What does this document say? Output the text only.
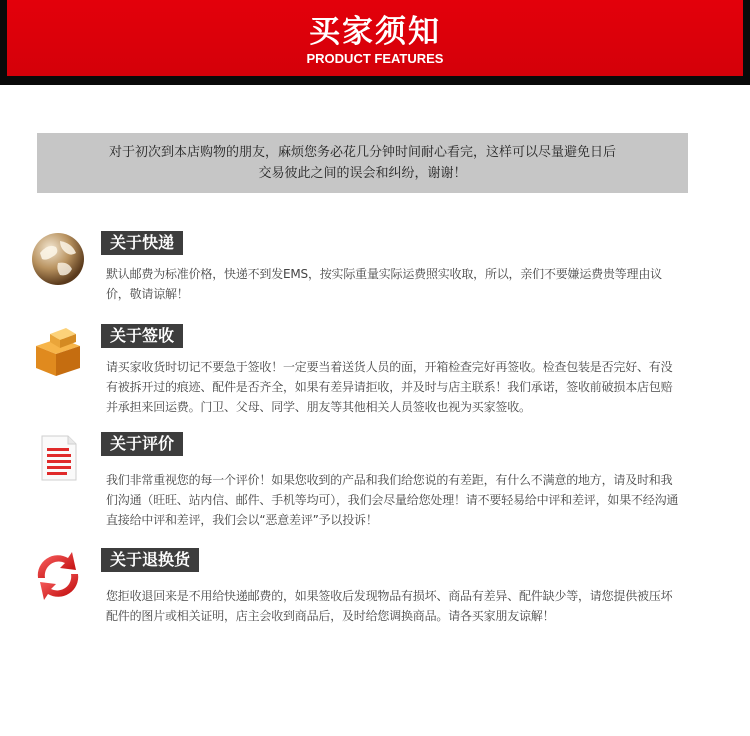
买家须知
PRODUCT FEATURES
对于初次到本店购物的朋友，麻烦您务必花几分钟时间耐心看完，这样可以尽量避免日后
交易彼此之间的误会和纠纷，谢谢！
关于快递
默认邮费为标准价格，快递不到发EMS，按实际重量实际运费照实收取，所以，亲们不要嫌运费贵等理由议价，敬请谅解！
关于签收
请买家收货时切记不要急于签收！一定要当着送货人员的面，开箱检查完好再签收。检查包装是否完好、有没有被拆开过的痕迹、配件是否齐全，如果有差异请拒收，并及时与店主联系！我们承诺，签收前破损本店包赔并承担来回运费。门卫、父母、同学、朋友等其他相关人员签收也视为买家签收。
关于评价
我们非常重视您的每一个评价！如果您收到的产品和我们给您说的有差距，有什么不满意的地方，请及时和我们沟通（旺旺、站内信、邮件、手机等均可），我们会尽量给您处理！请不要轻易给中评和差评，如果不经沟通直接给中评和差评，我们会以“恶意差评”予以投诉！
关于退换货
您拒收退回来是不用给快递邮费的，如果签收后发现物品有损坏、商品有差异、配件缺少等，请您提供被压坏配件的图片或相关证明，店主会收到商品后，及时给您调换商品。请各买家朋友谅解！
